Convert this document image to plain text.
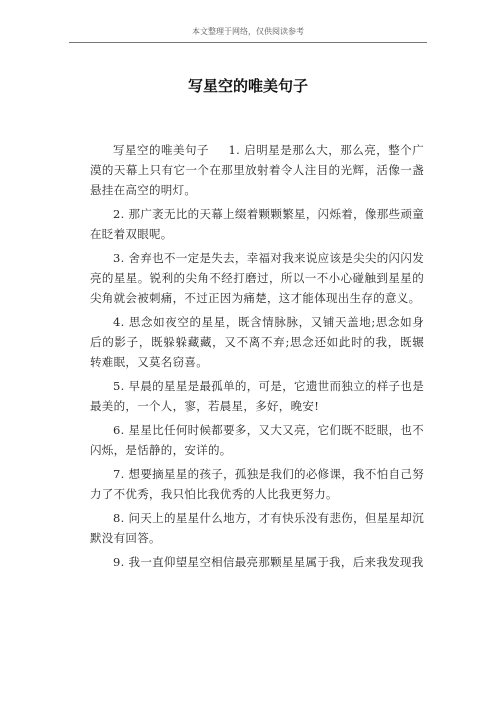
本文整理于网络，仅供阅读参考
写星空的唯美句子

写星空的唯美句子 1. 启明星是那么大，那么亮，整个广漠的天幕上只有它一个在那里放射着令人注目的光辉，活像一盏悬挂在高空的明灯。

2. 那广袤无比的天幕上缀着颗颗繁星，闪烁着，像那些顽童在眨着双眼呢。

3. 舍弃也不一定是失去，幸福对我来说应该是尖尖的闪闪发亮的星星。锐利的尖角不经打磨过，所以一不小心碰触到星星的尖角就会被刺痛，不过正因为痛楚，这才能体现出生存的意义。

4. 思念如夜空的星星，既含情脉脉，又铺天盖地;思念如身后的影子，既躲躲藏藏，又不离不弃;思念还如此时的我，既辗转难眠，又莫名窃喜。

5. 早晨的星星是最孤单的，可是，它遗世而独立的样子也是最美的，一个人，寥，若晨星，多好，晚安!

6. 星星比任何时候都要多，又大又亮，它们既不眨眼，也不闪烁，是恬静的，安详的。

7. 想要摘星星的孩子，孤独是我们的必修课，我不怕自己努力了不优秀，我只怕比我优秀的人比我更努力。

8. 问天上的星星什么地方，才有快乐没有悲伤，但星星却沉默没有回答。

9. 我一直仰望星空相信最亮那颗星星属于我，后来我发现我
